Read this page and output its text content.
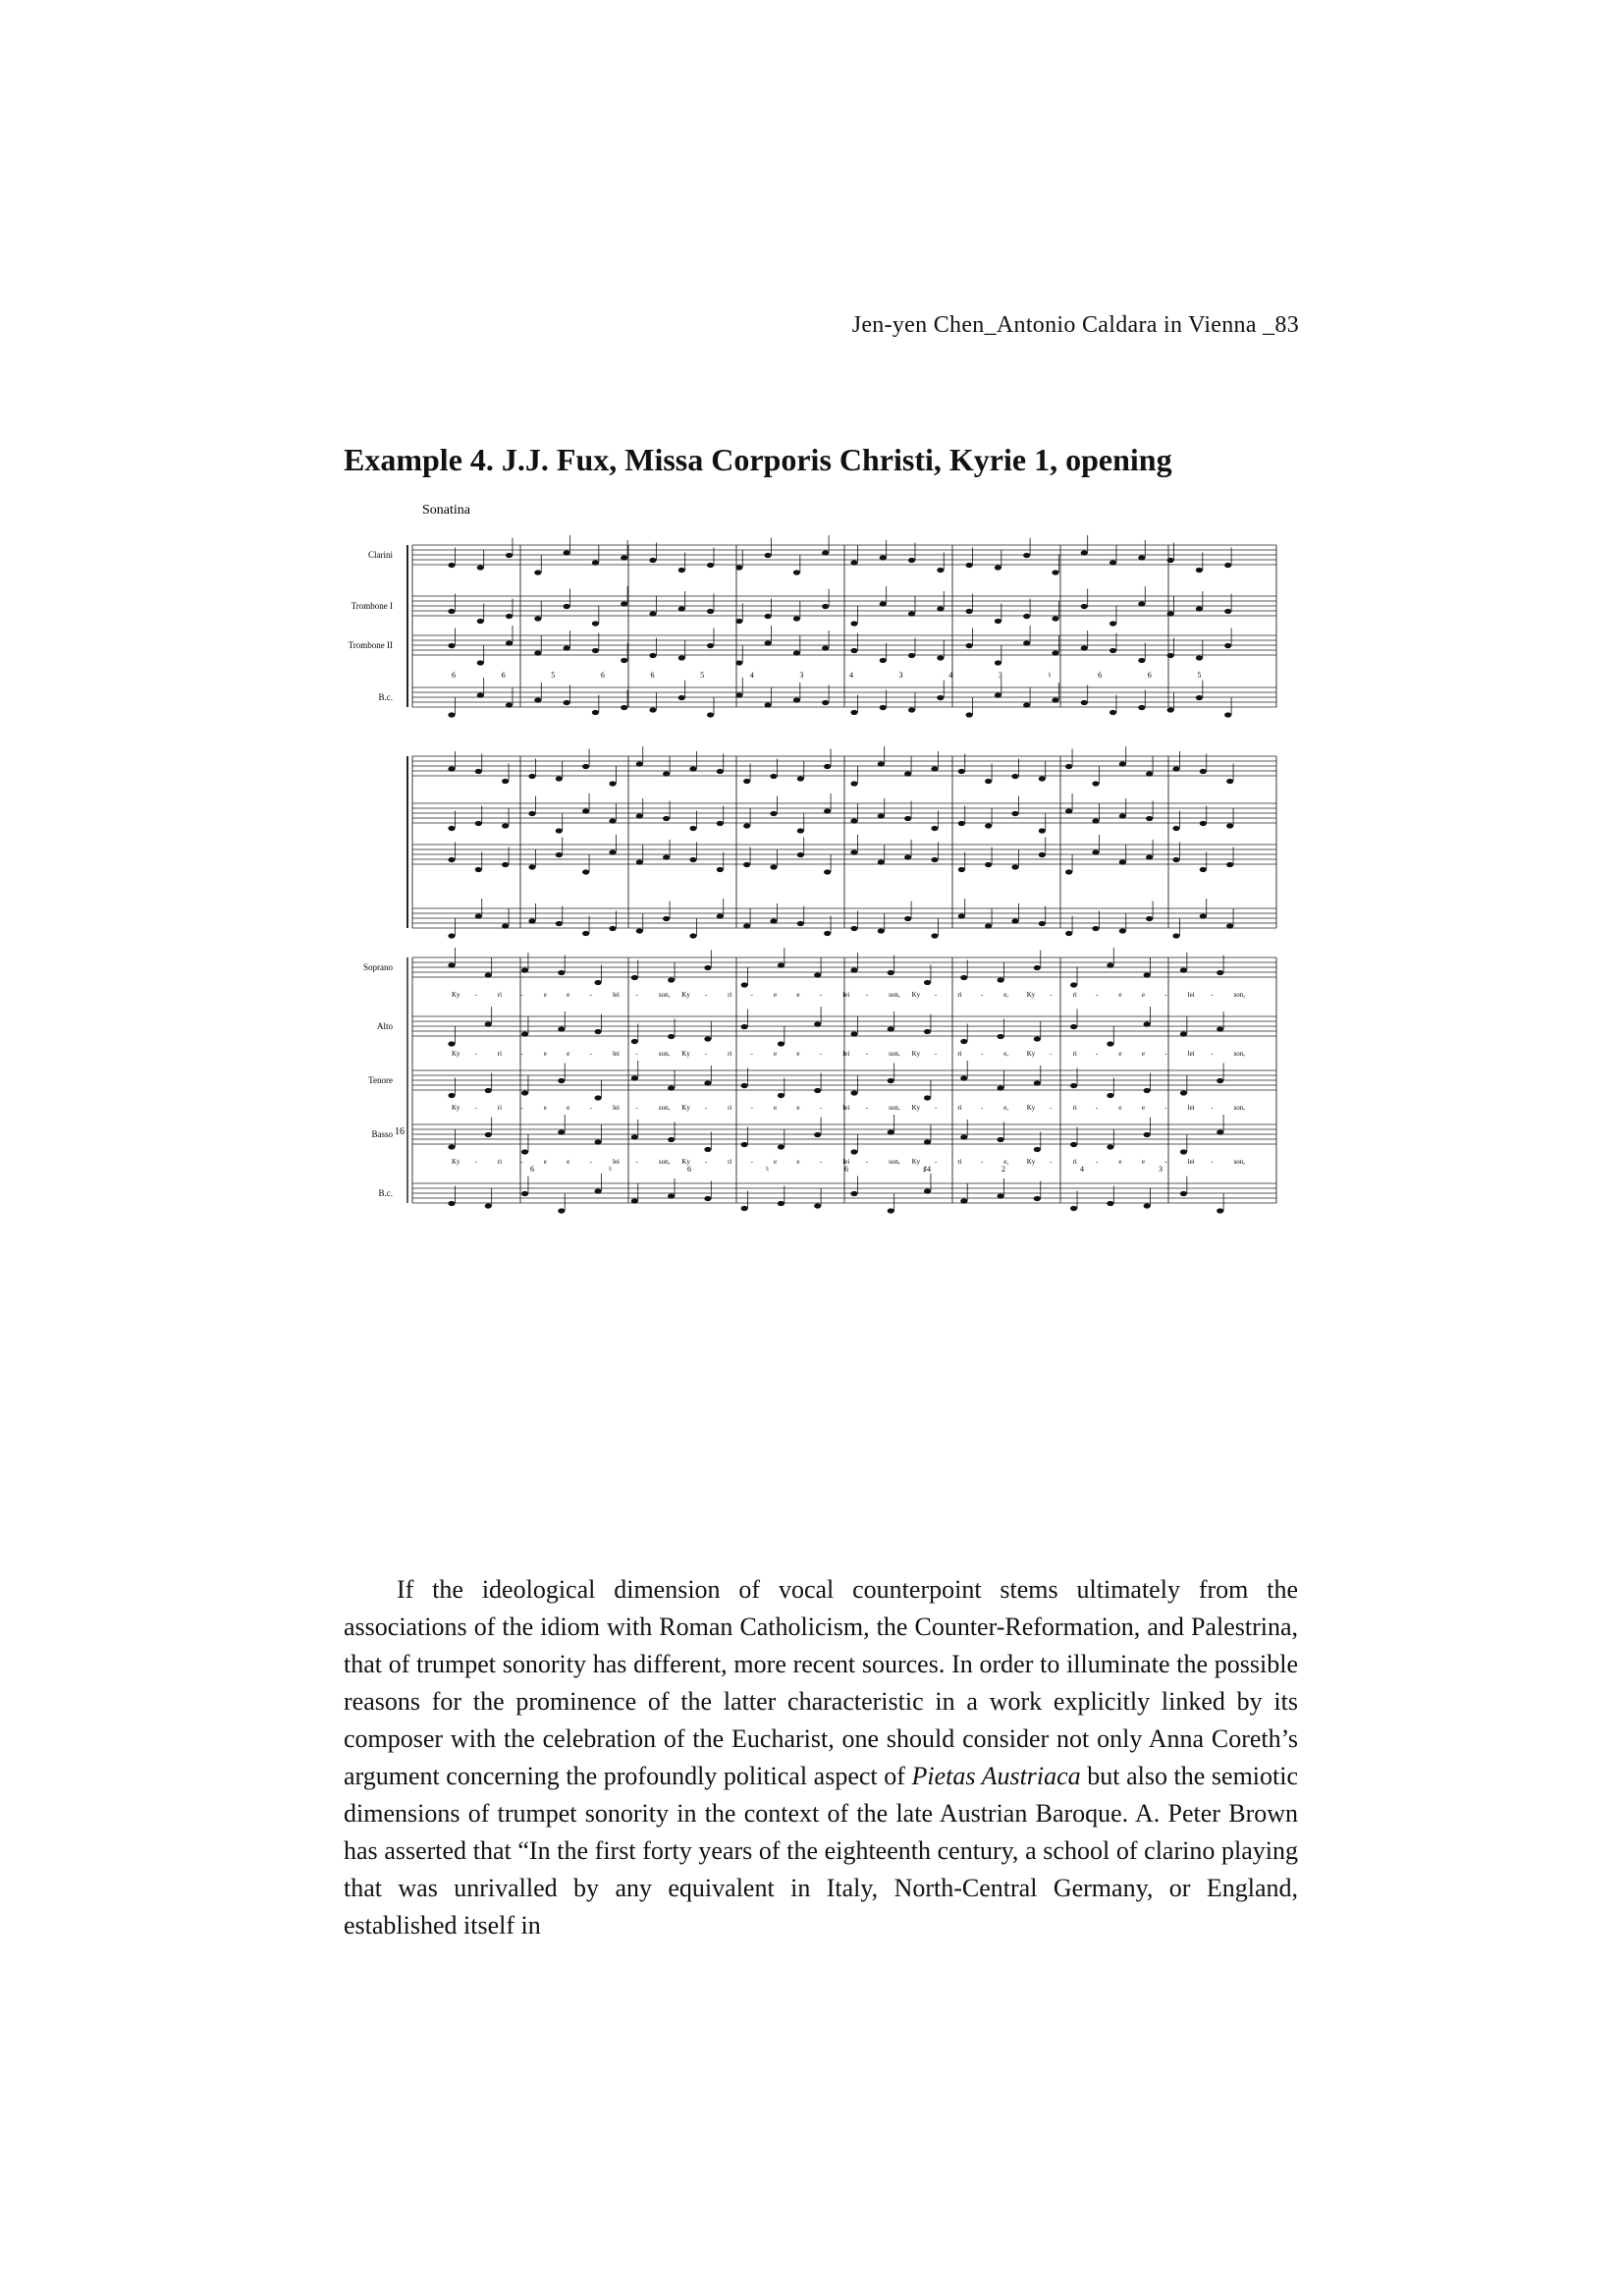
Jen-yen Chen_Antonio Caldara in Vienna _83
Example 4. J.J. Fux, Missa Corporis Christi, Kyrie 1, opening
Sonatina
16
Clarini
Trombone I
Trombone II
B.c.
6	6	5	6	6	5	4	3	4	3	4	3	♮	6	6	5
Soprano
Ky -	ri	-	e	e	-	lei -	son, Ky -	ri	-	e	e	-	lei -	son, Ky -	ri	-	e,	Ky -	ri	-	e	e	-	lei -	son,
Alto
Ky -	ri	-	e	e	-	lei -	son, Ky -	ri	-	e	e	-	lei -	son, Ky -	ri	-	e,	Ky -	ri	-	e	e	-	lei -	son,
Tenore
Ky -	ri	-	e	e	-	lei -	son, Ky -	ri	-	e	e	-	lei -	son, Ky -	ri	-	e,	Ky -	ri	-	e	e	-	lei -	son,
Basso
Ky -	ri	-	e	e	-	lei -	son, Ky -	ri	-	e	e	-	lei -	son, Ky -	ri	-	e,	Ky -	ri	-	e	e	-	lei -	son,
B.c.
6	♮	6	♮	6	♯4	2	4	3

If the ideological dimension of vocal counterpoint stems ultimately from the associations of the idiom with Roman Catholicism, the Counter-Reformation, and Palestrina, that of trumpet sonority has different, more recent sources. In order to illuminate the possible reasons for the prominence of the latter characteristic in a work explicitly linked by its composer with the celebration of the Eucharist, one should consider not only Anna Coreth’s argument concerning the profoundly political aspect of Pietas Austriaca but also the semiotic dimensions of trumpet sonority in the context of the late Austrian Baroque. A. Peter Brown has asserted that “In the first forty years of the eighteenth century, a school of clarino playing that was unrivalled by any equivalent in Italy, North-Central Germany, or England, established itself in
